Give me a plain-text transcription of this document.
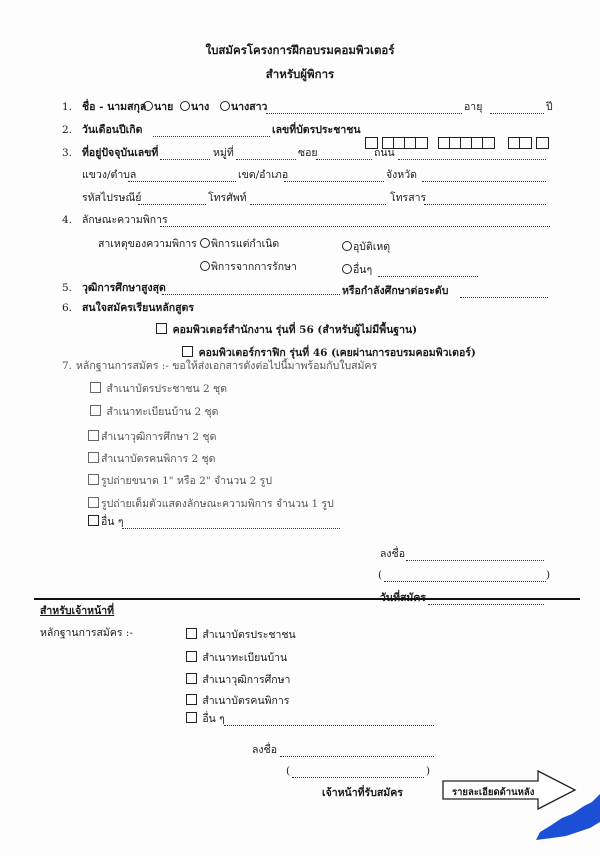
ใบสมัครโครงการฝึกอบรมคอมพิวเตอร์
สำหรับผู้พิการ
1. ชื่อ - นามสกุล นาย	นาง	นางสาว	อายุ	ปี
2. วันเดือนปีเกิด	เลขที่บัตรประชาชน
3. ที่อยู่ปัจจุบันเลขที่	หมู่ที่	ซอย	ถนน
แขวง/ตำบล	เขต/อำเภอ	จังหวัด
รหัสไปรษณีย์	โทรศัพท์	โทรสาร
4. ลักษณะความพิการ
สาเหตุของความพิการ	พิการแต่กำเนิด	อุบัติเหตุ
พิการจากการรักษา	อื่นๆ
5. วุฒิการศึกษาสูงสุด	หรือกำลังศึกษาต่อระดับ
6. สนใจสมัครเรียนหลักสูตร
คอมพิวเตอร์สำนักงาน รุ่นที่ 56 (สำหรับผู้ไม่มีพื้นฐาน)
คอมพิวเตอร์กราฟิก รุ่นที่ 46 (เคยผ่านการอบรมคอมพิวเตอร์)
7. หลักฐานการสมัคร :- ขอให้ส่งเอกสารดังต่อไปนี้มาพร้อมกับใบสมัคร
สำเนาบัตรประชาชน 2 ชุด
สำเนาทะเบียนบ้าน 2 ชุด
สำเนาวุฒิการศึกษา 2 ชุด
สำเนาบัตรคนพิการ 2 ชุด
รูปถ่ายขนาด 1" หรือ 2" จำนวน 2 รูป
รูปถ่ายเต็มตัวแสดงลักษณะความพิการ จำนวน 1 รูป
อื่น ๆ
ลงชื่อ
(	)
วันที่สมัคร
สำหรับเจ้าหน้าที่
หลักฐานการสมัคร :-	สำเนาบัตรประชาชน
สำเนาทะเบียนบ้าน
สำเนาวุฒิการศึกษา
สำเนาบัตรคนพิการ
อื่น ๆ
ลงชื่อ
(	)
เจ้าหน้าที่รับสมัคร	รายละเอียดด้านหลัง
